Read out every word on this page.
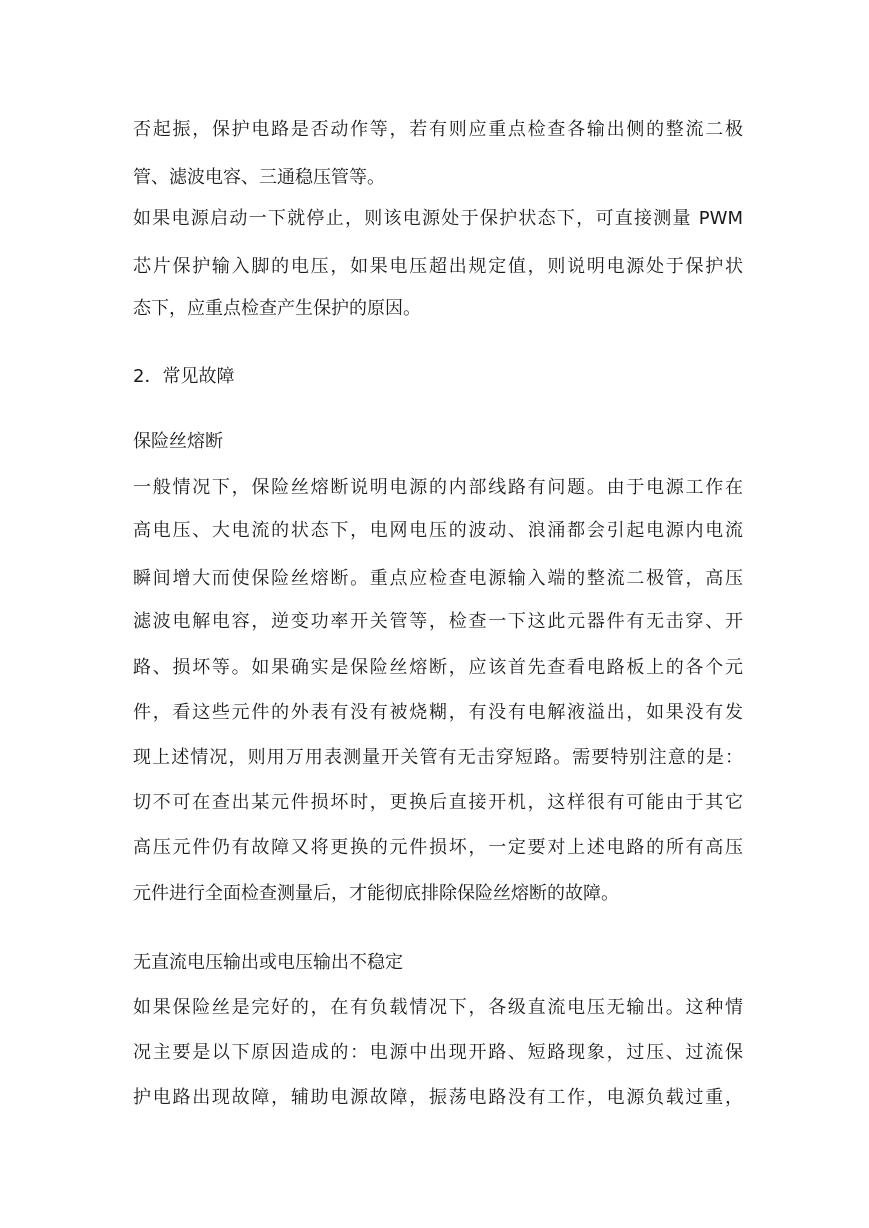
否起振，保护电路是否动作等，若有则应重点检查各输出侧的整流二极
管、滤波电容、三通稳压管等。
如果电源启动一下就停止，则该电源处于保护状态下，可直接测量 PWM
芯片保护输入脚的电压，如果电压超出规定值，则说明电源处于保护状
态下，应重点检查产生保护的原因。
2．常见故障
保险丝熔断
一般情况下，保险丝熔断说明电源的内部线路有问题。由于电源工作在
高电压、大电流的状态下，电网电压的波动、浪涌都会引起电源内电流
瞬间增大而使保险丝熔断。重点应检查电源输入端的整流二极管，高压
滤波电解电容，逆变功率开关管等，检查一下这此元器件有无击穿、开
路、损坏等。如果确实是保险丝熔断，应该首先查看电路板上的各个元
件，看这些元件的外表有没有被烧糊，有没有电解液溢出，如果没有发
现上述情况，则用万用表测量开关管有无击穿短路。需要特别注意的是：
切不可在查出某元件损坏时，更换后直接开机，这样很有可能由于其它
高压元件仍有故障又将更换的元件损坏，一定要对上述电路的所有高压
元件进行全面检查测量后，才能彻底排除保险丝熔断的故障。
无直流电压输出或电压输出不稳定
如果保险丝是完好的，在有负载情况下，各级直流电压无输出。这种情
况主要是以下原因造成的：电源中出现开路、短路现象，过压、过流保
护电路出现故障，辅助电源故障，振荡电路没有工作，电源负载过重，
